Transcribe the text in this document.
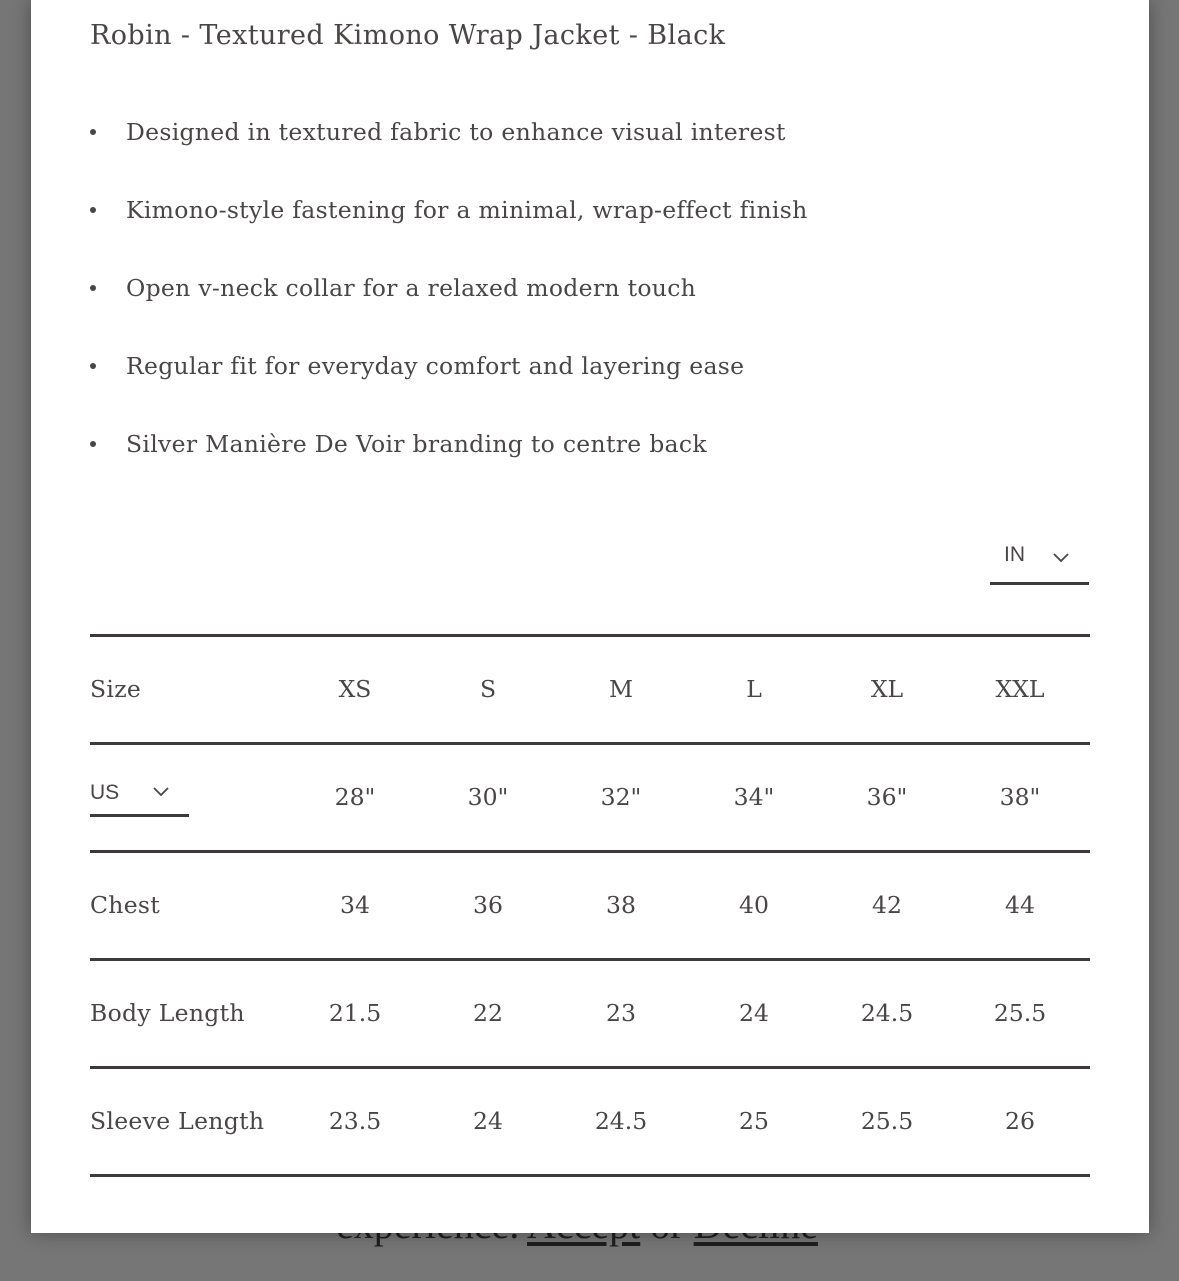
Robin - Textured Kimono Wrap Jacket - Black
Designed in textured fabric to enhance visual interest
Kimono-style fastening for a minimal, wrap-effect finish
Open v-neck collar for a relaxed modern touch
Regular fit for everyday comfort and layering ease
Silver Manière De Voir branding to centre back
IN
Size	XS	S	M	L	XL	XXL
US	28"	30"	32"	34"	36"	38"
Chest	34	36	38	40	42	44
Body Length	21.5	22	23	24	24.5	25.5
Sleeve Length	23.5	24	24.5	25	25.5	26
